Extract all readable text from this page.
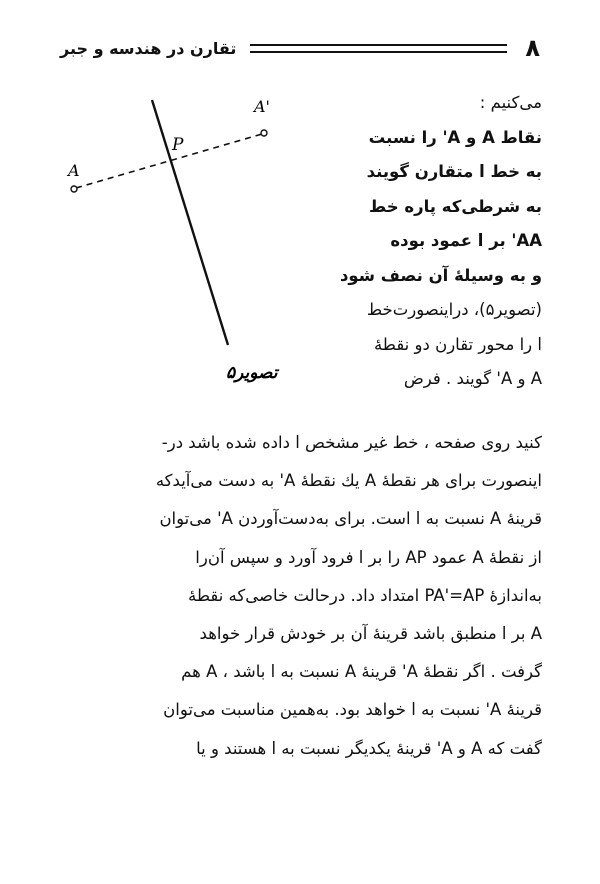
۸
تقارن در هندسه و جبر
می‌کنیم :
نقاط A و A' را نسبت
به خط l متقارن گویند
به شرطی‌که پاره خط
AA' بر l عمود بوده
و به وسیلهٔ آن نصف شود
(تصویر۵)، دراینصورت‌خط
l را محور تقارن دو نقطهٔ
A و A' گویند . فرض
A
A'
P
تصویر۵
کنید روی صفحه ، خط غیر مشخص l داده شده باشد در-
اینصورت برای هر نقطهٔ A یك نقطهٔ A' به دست می‌آید‌که
قرینهٔ A نسبت به l است. برای به‌دست‌آوردن A' می‌توان
از نقطهٔ A عمود AP را بر l فرود آورد و سپس آن‌را
به‌اندازهٔ PA'=AP امتداد داد. درحالت خاصی‌که نقطهٔ
A بر l منطبق باشد قرینهٔ آن بر خودش قرار خواهد
گرفت . اگر نقطهٔ A' قرینهٔ A نسبت به l باشد ، A هم
قرینهٔ A' نسبت به l خواهد بود. به‌همین مناسبت می‌توان
گفت که A و A' قرینهٔ یکدیگر نسبت به l هستند و یا
